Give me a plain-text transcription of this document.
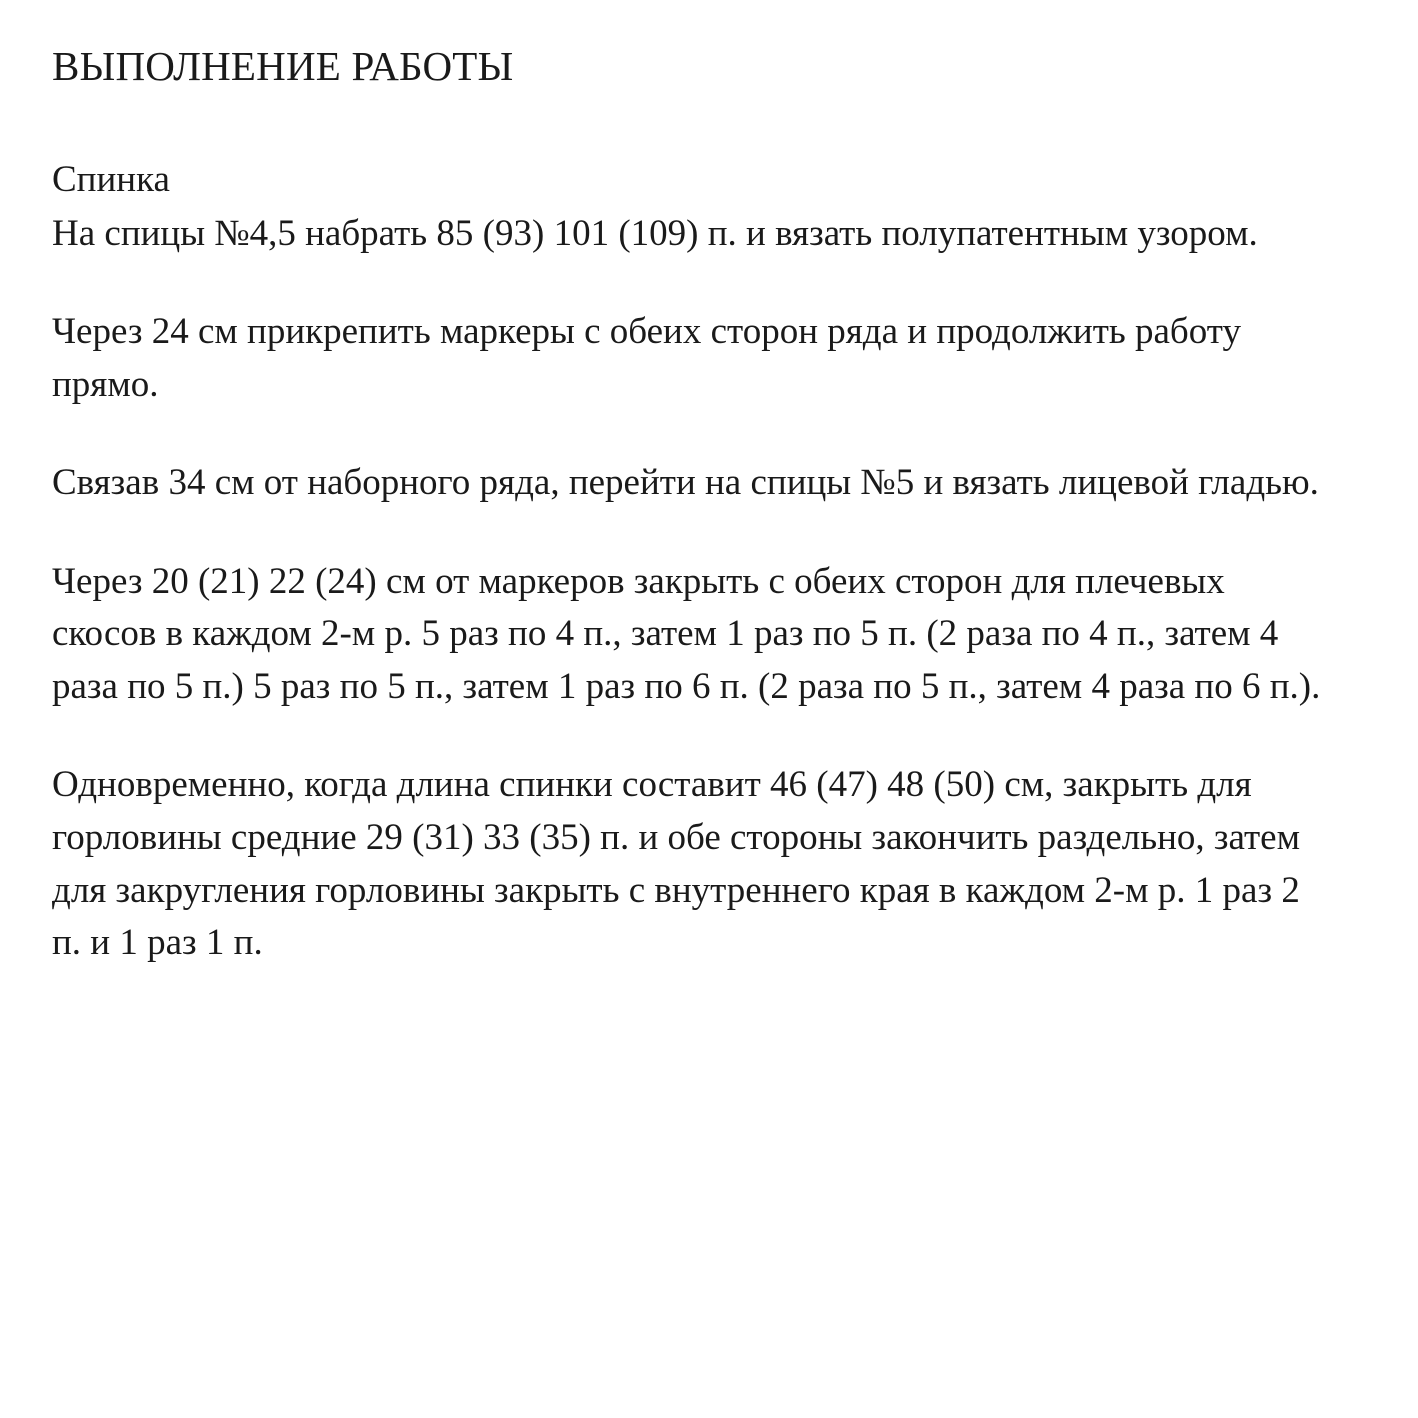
ВЫПОЛНЕНИЕ РАБОТЫ
Спинка

На спицы №4,5 набрать 85 (93) 101 (109) п. и вязать полупатентным узором.

Через 24 см прикрепить маркеры с обеих сторон ряда и продолжить работу прямо.

Связав 34 см от наборного ряда, перейти на спицы №5 и вязать лицевой гладью.

Через 20 (21) 22 (24) см от маркеров закрыть с обеих сторон для плечевых скосов в каждом 2-м р. 5 раз по 4 п., затем 1 раз по 5 п. (2 раза по 4 п., затем 4 раза по 5 п.) 5 раз по 5 п., затем 1 раз по 6 п. (2 раза по 5 п., затем 4 раза по 6 п.).

Одновременно, когда длина спинки составит 46 (47) 48 (50) см, закрыть для горловины средние 29 (31) 33 (35) п. и обе стороны закончить раздельно, затем для закругления горловины закрыть с внутреннего края в каждом 2-м р. 1 раз 2 п. и 1 раз 1 п.
